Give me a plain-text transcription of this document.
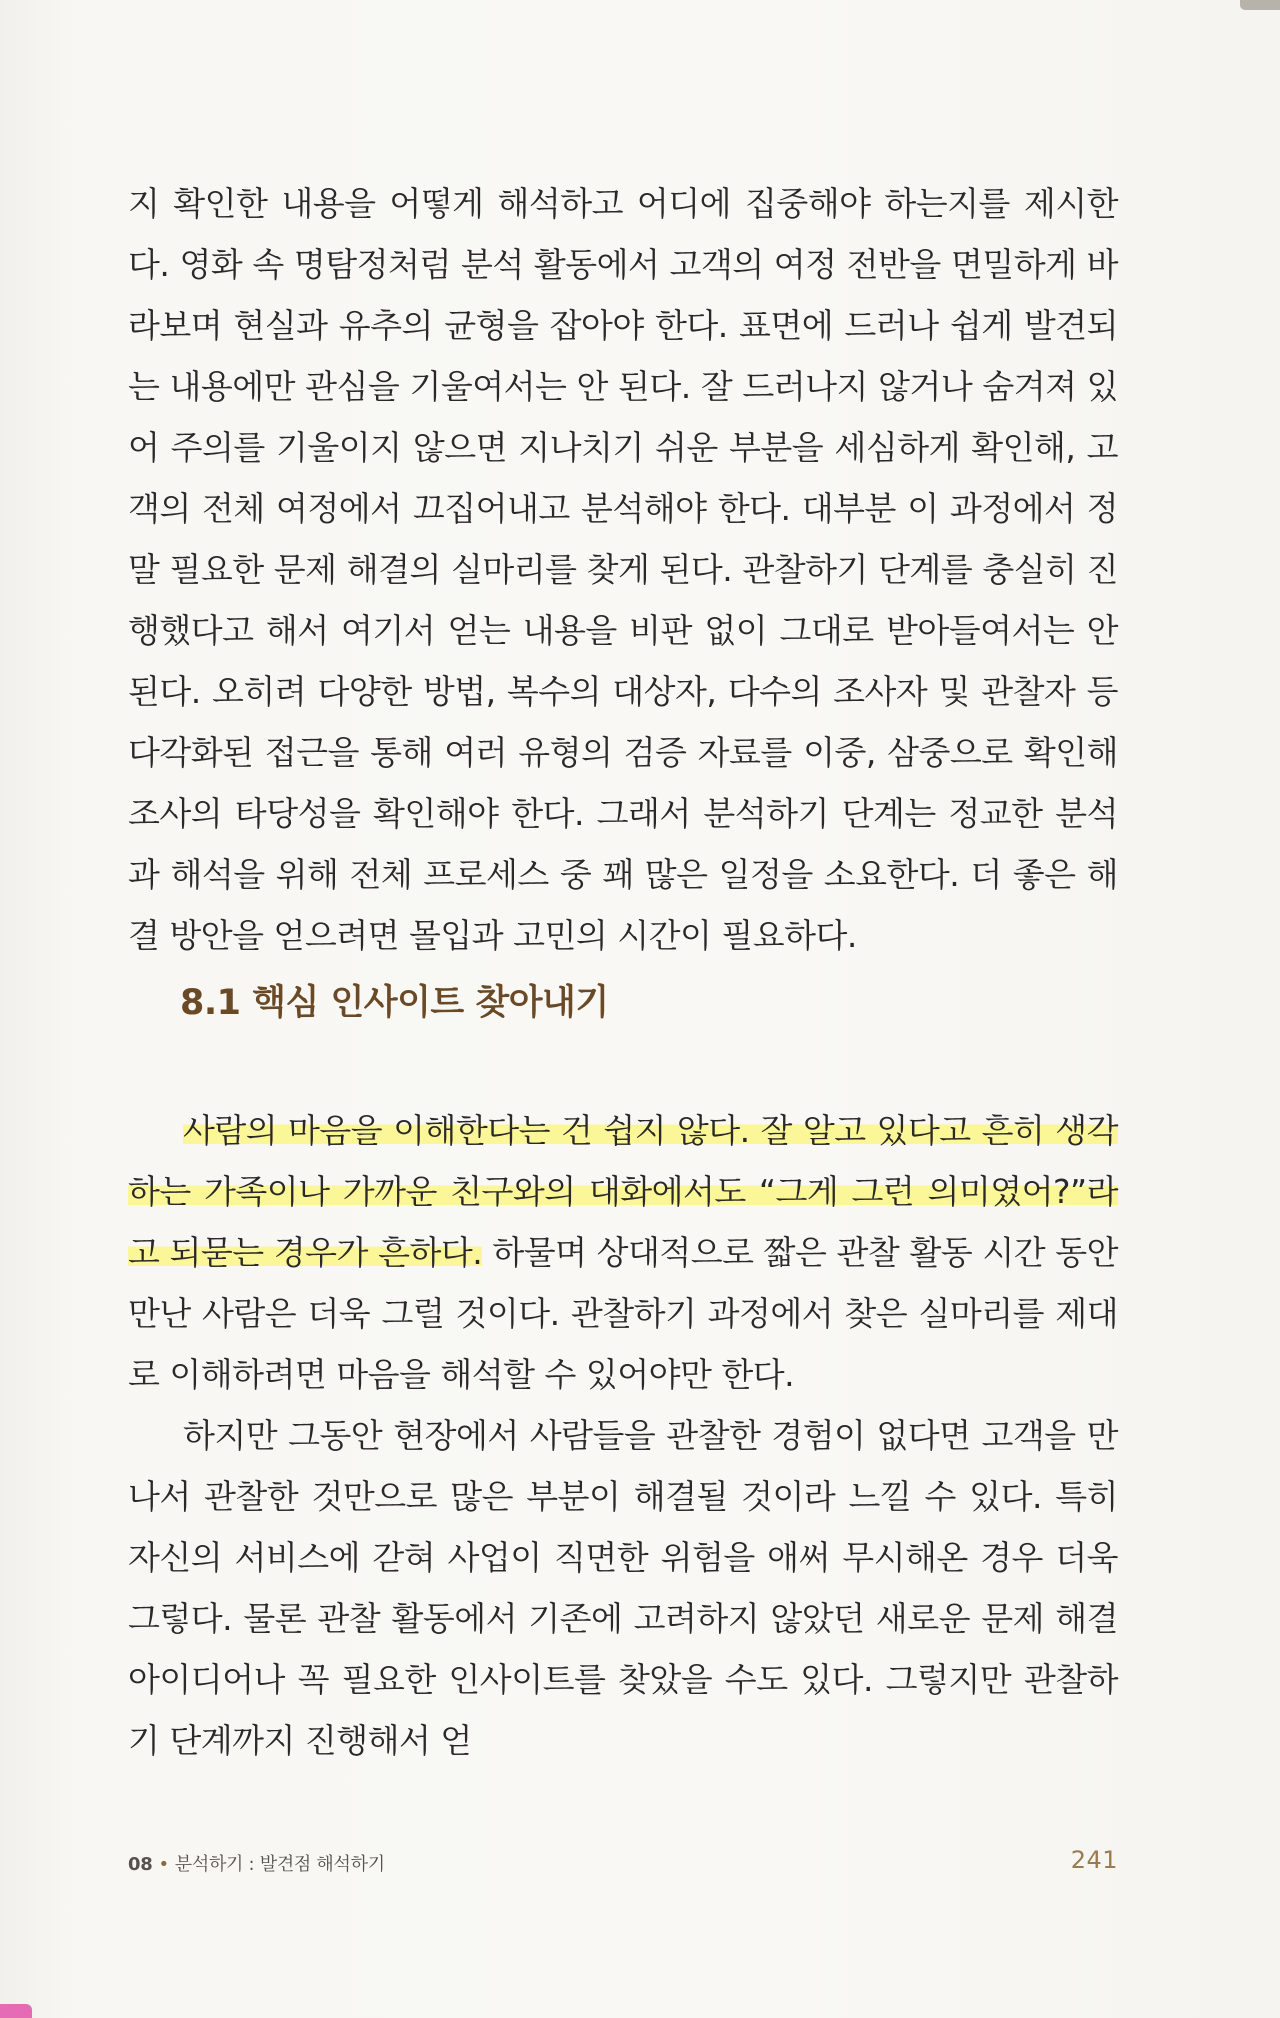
지 확인한 내용을 어떻게 해석하고 어디에 집중해야 하는지를 제시한다. 영화 속 명탐정처럼 분석 활동에서 고객의 여정 전반을 면밀하게 바라보며 현실과 유추의 균형을 잡아야 한다. 표면에 드러나 쉽게 발견되는 내용에만 관심을 기울여서는 안 된다. 잘 드러나지 않거나 숨겨져 있어 주의를 기울이지 않으면 지나치기 쉬운 부분을 세심하게 확인해, 고객의 전체 여정에서 끄집어내고 분석해야 한다. 대부분 이 과정에서 정말 필요한 문제 해결의 실마리를 찾게 된다. 관찰하기 단계를 충실히 진행했다고 해서 여기서 얻는 내용을 비판 없이 그대로 받아들여서는 안 된다. 오히려 다양한 방법, 복수의 대상자, 다수의 조사자 및 관찰자 등 다각화된 접근을 통해 여러 유형의 검증 자료를 이중, 삼중으로 확인해 조사의 타당성을 확인해야 한다. 그래서 분석하기 단계는 정교한 분석과 해석을 위해 전체 프로세스 중 꽤 많은 일정을 소요한다. 더 좋은 해결 방안을 얻으려면 몰입과 고민의 시간이 필요하다.

8.1 핵심 인사이트 찾아내기

사람의 마음을 이해한다는 건 쉽지 않다. 잘 알고 있다고 흔히 생각하는 가족이나 가까운 친구와의 대화에서도 “그게 그런 의미였어?”라고 되묻는 경우가 흔하다. 하물며 상대적으로 짧은 관찰 활동 시간 동안 만난 사람은 더욱 그럴 것이다. 관찰하기 과정에서 찾은 실마리를 제대로 이해하려면 마음을 해석할 수 있어야만 한다.

하지만 그동안 현장에서 사람들을 관찰한 경험이 없다면 고객을 만나서 관찰한 것만으로 많은 부분이 해결될 것이라 느낄 수 있다. 특히 자신의 서비스에 갇혀 사업이 직면한 위험을 애써 무시해온 경우 더욱 그렇다. 물론 관찰 활동에서 기존에 고려하지 않았던 새로운 문제 해결 아이디어나 꼭 필요한 인사이트를 찾았을 수도 있다. 그렇지만 관찰하기 단계까지 진행해서 얻

08 • 분석하기 : 발견점 해석하기	241
